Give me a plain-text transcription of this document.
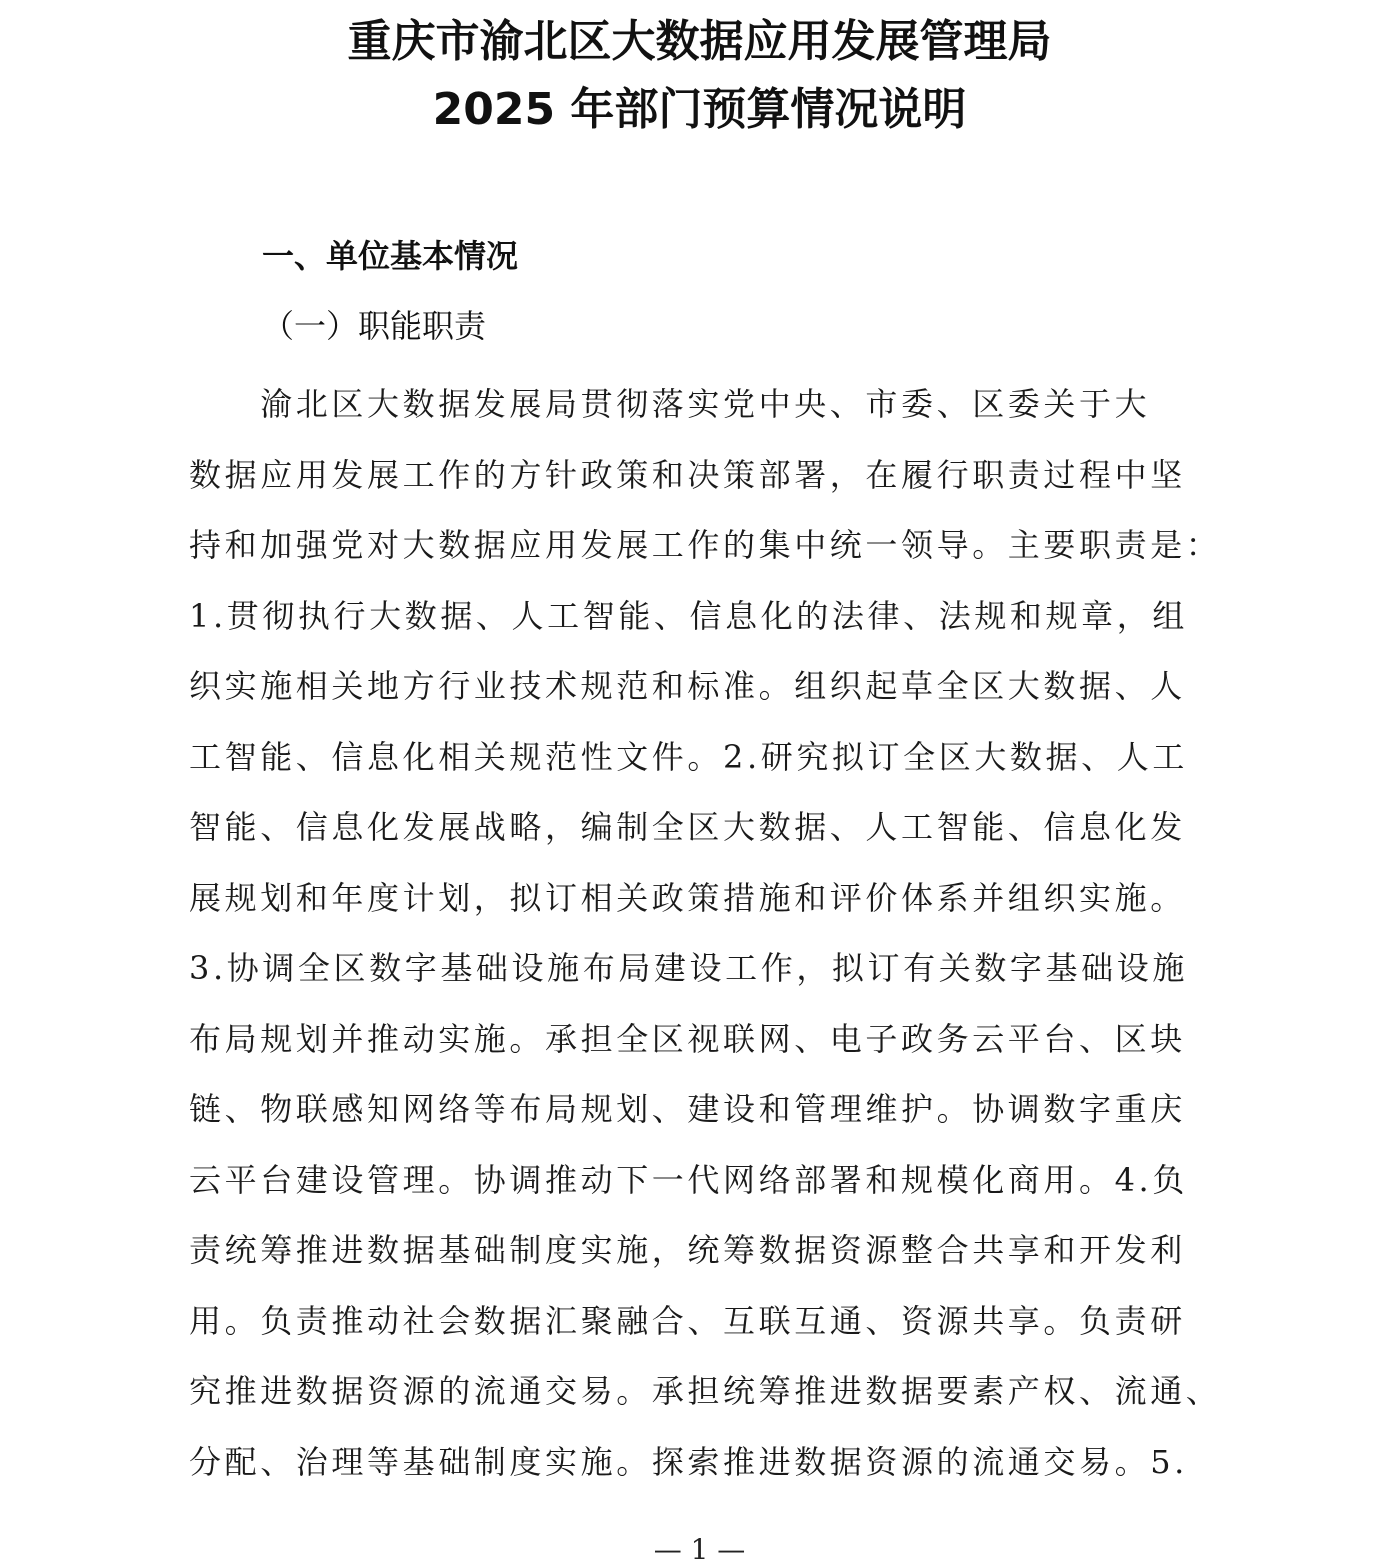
重庆市渝北区大数据应用发展管理局
2025 年部门预算情况说明
一、单位基本情况
（一）职能职责
　　渝北区大数据发展局贯彻落实党中央、市委、区委关于大
数据应用发展工作的方针政策和决策部署，在履行职责过程中坚
持和加强党对大数据应用发展工作的集中统一领导。主要职责是：
1.贯彻执行大数据、人工智能、信息化的法律、法规和规章，组
织实施相关地方行业技术规范和标准。组织起草全区大数据、人
工智能、信息化相关规范性文件。2.研究拟订全区大数据、人工
智能、信息化发展战略，编制全区大数据、人工智能、信息化发
展规划和年度计划，拟订相关政策措施和评价体系并组织实施。
3.协调全区数字基础设施布局建设工作，拟订有关数字基础设施
布局规划并推动实施。承担全区视联网、电子政务云平台、区块
链、物联感知网络等布局规划、建设和管理维护。协调数字重庆
云平台建设管理。协调推动下一代网络部署和规模化商用。4.负
责统筹推进数据基础制度实施，统筹数据资源整合共享和开发利
用。负责推动社会数据汇聚融合、互联互通、资源共享。负责研
究推进数据资源的流通交易。承担统筹推进数据要素产权、流通、
分配、治理等基础制度实施。探索推进数据资源的流通交易。5.
— 1 —
